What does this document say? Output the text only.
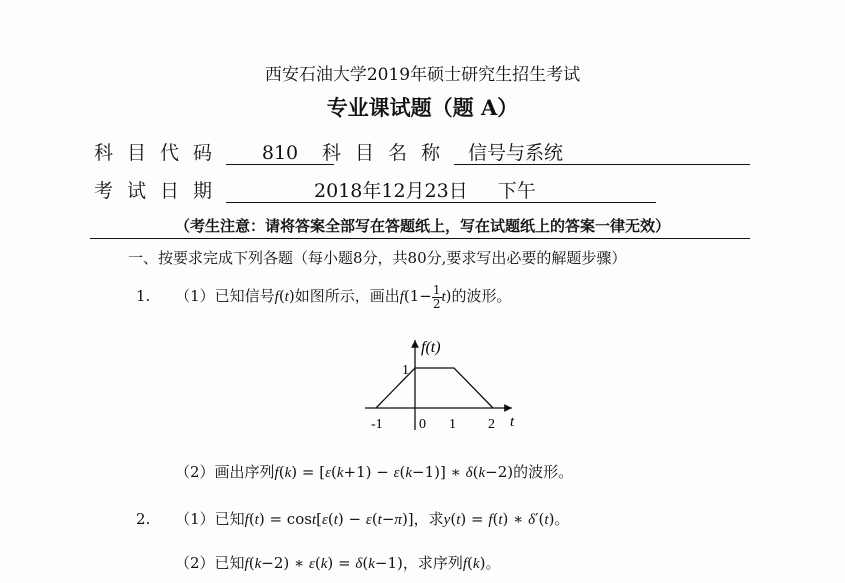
西安石油大学2019年硕士研究生招生考试
专业课试题（题 A）
科目代码 810	科目名称 信号与系统
考试日期	2018年12月23日 下午
（考生注意：请将答案全部写在答题纸上，写在试题纸上的答案一律无效）
一、按要求完成下列各题（每小题8分，共80分,要求写出必要的解题步骤）
1. （1）已知信号f(t)如图所示，画出$f(1- \frac{1}{2} t)$的波形。
f(t)
1
t
-1	0 1 2
（2）画出序列f(k) = [ε(k+1) − ε(k−1)] ∗ δ(k−2)的波形。
2. （1）已知f(t) = cost[ε(t) − ε(t−π)]，求y(t) = f(t) ∗ δ′(t)。
（2）已知f(k−2) ∗ ε(k) = δ(k−1)，求序列f(k)。
